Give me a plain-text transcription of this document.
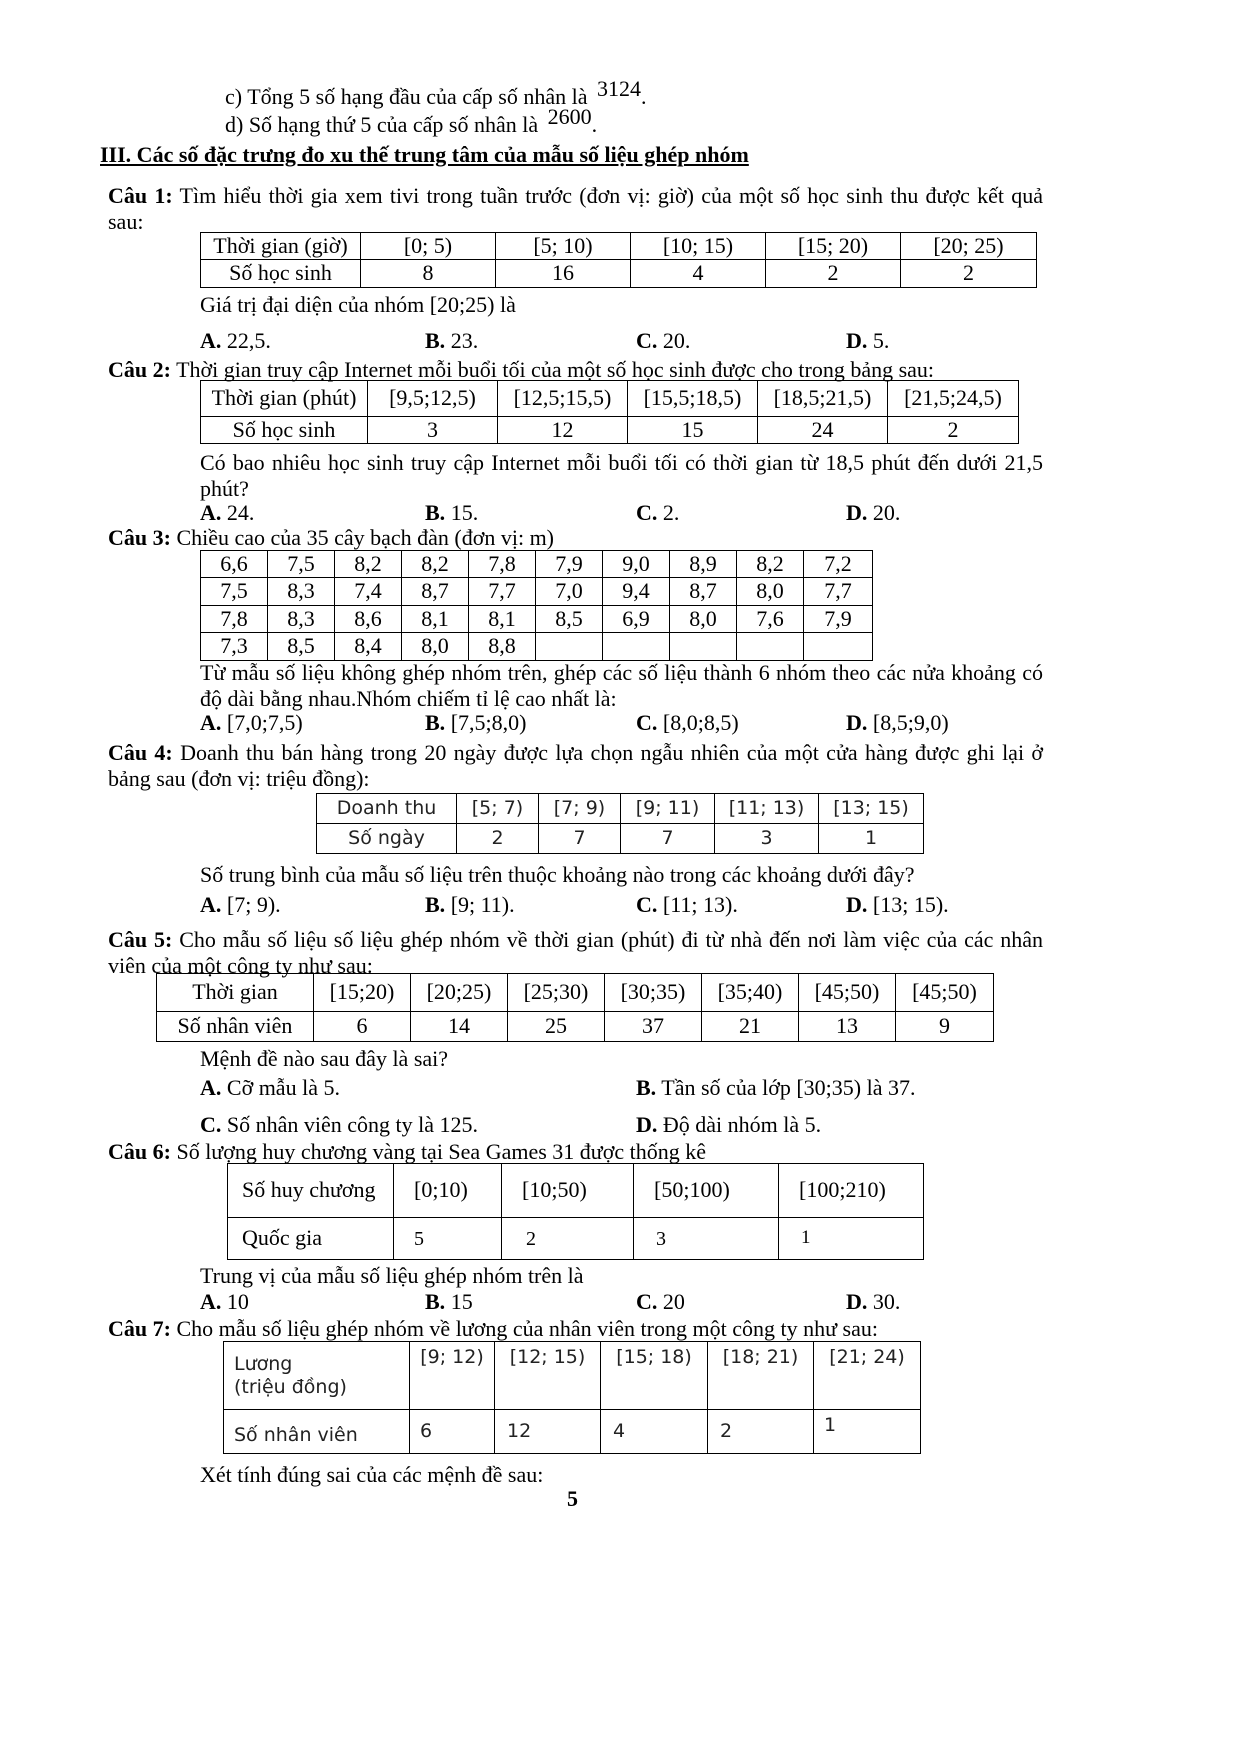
c) Tổng 5 số hạng đầu của cấp số nhân là 3124.
d) Số hạng thứ 5 của cấp số nhân là 2600.
III. Các số đặc trưng đo xu thế trung tâm của mẫu số liệu ghép nhóm
Câu 1: Tìm hiểu thời gia xem tivi trong tuần trước (đơn vị: giờ) của một số học sinh thu được kết quả sau:
Thời gian (giờ)	[0; 5)	[5; 10)	[10; 15)	[15; 20)	[20; 25)
Số học sinh	8	16	4	2	2
Giá trị đại diện của nhóm [20;25) là
A. 22,5.	B. 23.	C. 20.	D. 5.
Câu 2: Thời gian truy cập Internet mỗi buổi tối của một số học sinh được cho trong bảng sau:
Thời gian (phút)	[9,5;12,5)	[12,5;15,5)	[15,5;18,5)	[18,5;21,5)	[21,5;24,5)
Số học sinh	3	12	15	24	2
Có bao nhiêu học sinh truy cập Internet mỗi buổi tối có thời gian từ 18,5 phút đến dưới 21,5 phút?
A. 24.	B. 15.	C. 2.	D. 20.
Câu 3: Chiều cao của 35 cây bạch đàn (đơn vị: m)
6,6	7,5	8,2	8,2	7,8	7,9	9,0	8,9	8,2	7,2
7,5	8,3	7,4	8,7	7,7	7,0	9,4	8,7	8,0	7,7
7,8	8,3	8,6	8,1	8,1	8,5	6,9	8,0	7,6	7,9
7,3	8,5	8,4	8,0	8,8					
Từ mẫu số liệu không ghép nhóm trên, ghép các số liệu thành 6 nhóm theo các nửa khoảng có độ dài bằng nhau.Nhóm chiếm tỉ lệ cao nhất là:
A. [7,0;7,5)	B. [7,5;8,0)	C. [8,0;8,5)	D. [8,5;9,0)
Câu 4: Doanh thu bán hàng trong 20 ngày được lựa chọn ngẫu nhiên của một cửa hàng được ghi lại ở bảng sau (đơn vị: triệu đồng):
Doanh thu	[5; 7)	[7; 9)	[9; 11)	[11; 13)	[13; 15)
Số ngày	2	7	7	3	1
Số trung bình của mẫu số liệu trên thuộc khoảng nào trong các khoảng dưới đây?
A. [7; 9).	B. [9; 11).	C. [11; 13).	D. [13; 15).
Câu 5: Cho mẫu số liệu số liệu ghép nhóm về thời gian (phút) đi từ nhà đến nơi làm việc của các nhân viên của một công ty như sau:
Thời gian	[15;20)	[20;25)	[25;30)	[30;35)	[35;40)	[45;50)	[45;50)
Số nhân viên	6	14	25	37	21	13	9
Mệnh đề nào sau đây là sai?
A. Cỡ mẫu là 5.	B. Tần số của lớp [30;35) là 37.
C. Số nhân viên công ty là 125.	D. Độ dài nhóm là 5.
Câu 6: Số lượng huy chương vàng tại Sea Games 31 được thống kê
Số huy chương	[0;10)	[10;50)	[50;100)	[100;210)
Quốc gia	5	2	3	1
Trung vị của mẫu số liệu ghép nhóm trên là
A. 10	B. 15	C. 20	D. 30.
Câu 7: Cho mẫu số liệu ghép nhóm về lương của nhân viên trong một công ty như sau:
Lương
(triệu đồng)	[9; 12)	[12; 15)	[15; 18)	[18; 21)	[21; 24)
Số nhân viên	6	12	4	2	1
Xét tính đúng sai của các mệnh đề sau:
5
